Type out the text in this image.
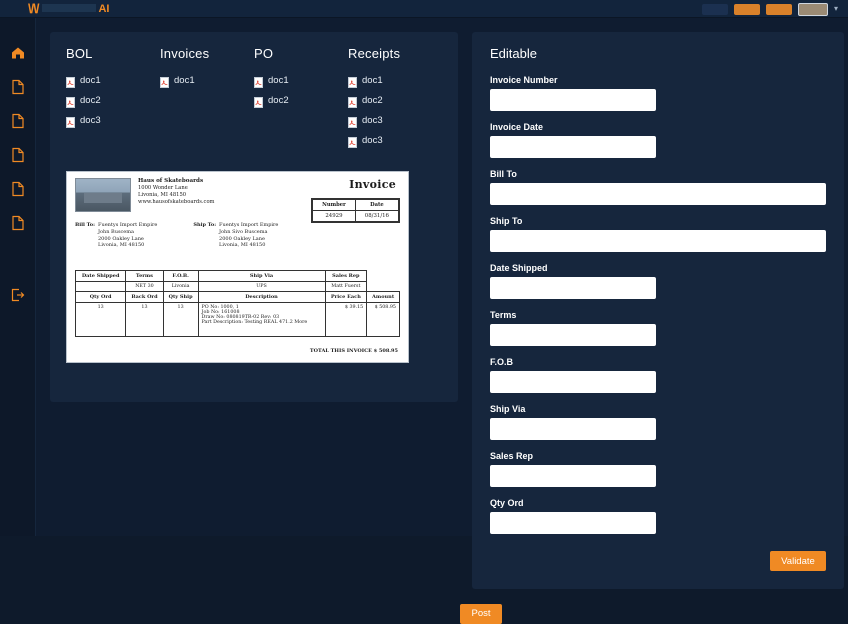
\/\/	AI	▾
BOL
doc1
doc2
doc3
Invoices
doc1
PO
doc1
doc2
Receipts
doc1
doc2
doc3
doc3
Haus of Skateboards
1000 Wonder Lane
Livonia, MI 48150
www.hausofskateboards.com
Invoice
Number	Date
24929	08/31/16
Bill To: Fuentys Import Empire
John Buscema
2000 Oakley Lane
Livonia, MI 48150
Ship To: Fuentys Import Empire
John Sivo Buscema
2000 Oakley Lane
Livonia, MI 48150
Date Shipped	Terms	F.O.B.	Ship Via	Sales Rep	
	NET 30	Livonia	UPS	Matt Fuerst	
Qty Ord	Back Ord	Qty Ship	Description	Price Each	Amount
13	13	13	PO No: 1000, 1
Job No: 161008
Draw No: 080819TR-02 Rev: 03
Part Description: Testing REAL 471.2 More	$ 39.15	$ 508.95
TOTAL THIS INVOICE $ 508.95
Editable
Invoice Number
Invoice Date
Bill To
Ship To
Date Shipped
Terms
F.O.B
Ship Via
Sales Rep
Qty Ord
Validate
Post
